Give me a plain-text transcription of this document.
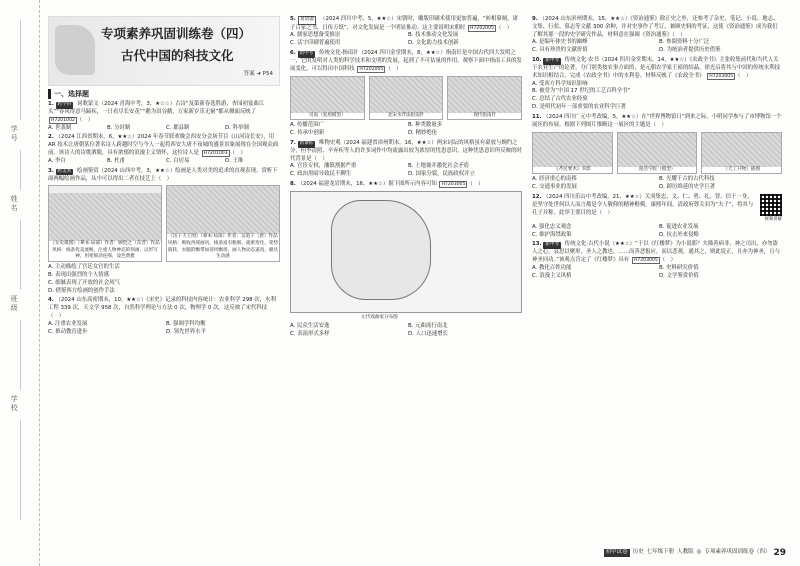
学号
姓名
班级
学校
专项素养巩固训练卷（四）
古代中国的科技文化
答案 ➜ P54
一、选择题
1. 跨学科 词歌蒙文（2024 青海中考，3，★☆☆）古诗“及第新春选胜游，杏园初宴曲江头”“春风得意马蹄疾，一日看尽长安花”“鹅为田谷鹅，万家新岁乐无窮”都从侧面反映了 H7201002 （　）
A. 世袭制	B. 分封制	C. 郡县制	D. 科举制
2. （2024 江西省期末，6，★★☆）2024 年春节联欢晚会西安分会场节目《山河诗长安》，用 AR 技术让唐朝某位著名诗人跨越时空与今人一起将西安大唐不夜城的盛景景象展现在全国观众面前。该诗人的诗歌洒脱，具有浓郁的浪漫主义情怀，这位诗人是 H7201003 （　）
A. 李白	B. 杜甫	C. 白居易	D. 王维
3. 跨美术 绘画鉴赏（2024 山西中考，3，★★☆）绘画是人类对美的追求的直观表现。赏析下面两幅绘画作品，从中可以得出二者在技艺上（　）
《女史箴图》（摹本·局部）作者：顾恺之（东晋）作品风格：线条优美流畅，注重人物神态的刻画，以形写神，用笔细劲连绵，设色典雅
《送子天王图》（摹本·局部）作者：吴道子（唐）作品风格：吸收西域画风，线条富有粗细、疏密变化，笔势圆转，衣服的飘带如迎风飘扬，画人物动态逼真，颇具生动感
A. 主动描绘了宫廷女官的生活
B. 表现出强烈的个人情感
C. 细腻表现了开放的社会风气
D. 借鉴西方绘画的创作手法
4. （2024 山东高密期末，10，★★☆）《宋史》记录的科技内容统计：农业科学 298 次，水利工程 339 次，天文学 958 次，自然科学理论与方法 0 次，物理学 0 次。这反映了宋代科技（　）
A. 注重农业发展	B. 强调学科均衡
C. 推动教育进步	D. 领先世界水平
5. 易错题 （2024 四川中考，5，★★☆）宋朝时，雕版印刷术使用更加普遍，“转相摹刻，诸子百家之书，日传万纸”，对文化发展是一个明显推动。这主要说明宋朝时 H7202005 （　）
A. 儒家思想备受推崇	B. 技术推动文化发展
C. 活字印刷普遍使用	D. 文化助力技术创新
6. 新中考 传统文化·指南针（2024 四川金堂期末，8，★★☆）指南针是中国古代四大发明之一，它的发明对人类的科学技术和文明的发展，起到了不可估量的作用。观察下面中指南工具的发展变化，可以得出中国科技 H7202005 （　）
司南（复原模型）	北宋水浮法指南针	现代指南针
A. 传播范围广	B. 种类数量多
C. 传承中创新	D. 精妙绝伦
7. 新课标 唯物史观（2024 福建省漳州期末，16，★★☆）两宋词坛的风格虽有豪放与婉约之分，但李清照、辛弃疾等人的许多词作中均流露出较为浓厚的忧患意识。这种忧患意识所反映的时代背景是（　）
A. 官宦专权，藩镇割据严重	B. 土地兼并激化社会矛盾
C. 政治黑暗导致民不聊生	D. 国家分裂，民族政权并立
8. （2024 福建龙岩期末，16，★★☆）据下图所示内容可知 H7203005 （　）
元代戏曲家分布图
A. 民众生活安逸	B. 元曲流行南北
C. 表演形式多样	D. 人口迅速增长
9. （2024 山东滨州期末，15，★★☆）《资治通鉴》除正史之外，还参考了杂史、笔记、小说、地志、文集、行状、墓志等文献 300 余种，并对史事作了考订，兼顾史料的考证，这使《资治通鉴》成为我们了解其那一段的史学研究作品。材料意在强调《资治通鉴》（　）
A. 是编年体史书的巅峰	B. 参阅资料十分广泛
C. 具有珍贵的文献价值	D. 为统治者提供历史借鉴
10. 新中考 传统文化·农书（2024 四川金堂期末，14，★★☆）《农政全书》主张收集前代和当代人关于农业生产的论著，分门别类按农事方面的，是元朝农学家王祯的结晶，徐光启将其与中国的传统水利技术知识相结合，完成《农政全书》中的水利卷。材料反映了《农政全书》 H7203005 （　）
A. 受西方科学知识影响
B. 被誉为“中国 17 世纪的工艺百科全书”
C. 总结了古代农业经验
D. 是明代初年一部重要的农业科学巨著
11. （2024 四川广元中考改编，5，★★☆）在“世界博物馆日”到来之际，小明同学参与了市博物馆一个展区的布展。根据下列图片推断这一展区的主题是（　）
《齐民要术》书影	泥活字版（模型）	《天工开物》插图
A. 经济重心的南移	B. 光耀千古的古代科技
C. 交通事业的发展	D. 踔厉绵延的史学巨著
12. （2024 四川乐山中考改编，21，★★☆）关羽集忠、义、仁、勇、礼、智、信于一身，是坚守处世何以人而言都是令人敬仰的精神楷模。康熙年间，清政府尊关羽为“夫子”，将其与孔子并称。此举主要目的是（　）
视频讲解
A. 强化忠义观念	B. 促进农业发展
C. 维护海禁政策	D. 抗击外来侵略
13. 新中考 传统文化·古代小说（★★☆）“于以《红楼梦》为小说耶？夫描善病非，神之司出，亦勿盗人之心，哀思以聚形，圣人之教也。……而善恶报应，而以悲观，通其之，则此说正，且亦为神圣，且与神圣同功。”该观点肯定了《红楼梦》具有 H7203005 （　）
A. 教化百姓功能	B. 史料研究价值
C. 浪漫主义风格	D. 文学鉴赏价值
初中试卷 历史 七年级下册 人教版 ◎ 专项素养巩固训练卷（四） 29
